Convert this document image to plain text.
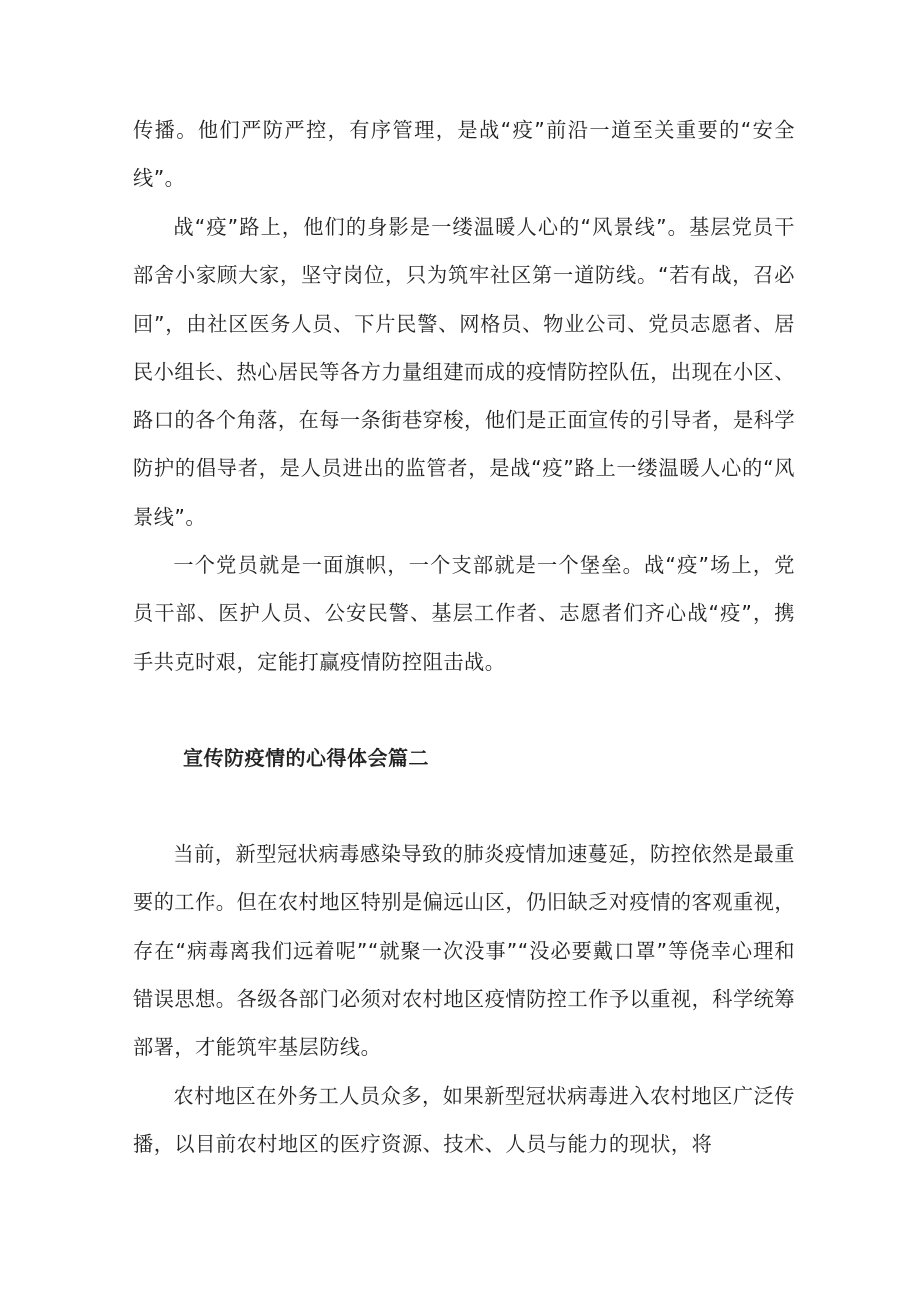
传播。他们严防严控，有序管理，是战“疫”前沿一道至关重要的“安全线”。

战“疫”路上，他们的身影是一缕温暖人心的“风景线”。基层党员干部舍小家顾大家，坚守岗位，只为筑牢社区第一道防线。“若有战，召必回”，由社区医务人员、下片民警、网格员、物业公司、党员志愿者、居民小组长、热心居民等各方力量组建而成的疫情防控队伍，出现在小区、路口的各个角落，在每一条街巷穿梭，他们是正面宣传的引导者，是科学防护的倡导者，是人员进出的监管者，是战“疫”路上一缕温暖人心的“风景线”。

一个党员就是一面旗帜，一个支部就是一个堡垒。战“疫”场上，党员干部、医护人员、公安民警、基层工作者、志愿者们齐心战“疫”，携手共克时艰，定能打赢疫情防控阻击战。

宣传防疫情的心得体会篇二

当前，新型冠状病毒感染导致的肺炎疫情加速蔓延，防控依然是最重要的工作。但在农村地区特别是偏远山区，仍旧缺乏对疫情的客观重视，存在“病毒离我们远着呢”“就聚一次没事”“没必要戴口罩”等侥幸心理和错误思想。各级各部门必须对农村地区疫情防控工作予以重视，科学统筹部署，才能筑牢基层防线。

农村地区在外务工人员众多，如果新型冠状病毒进入农村地区广泛传播，以目前农村地区的医疗资源、技术、人员与能力的现状，将
